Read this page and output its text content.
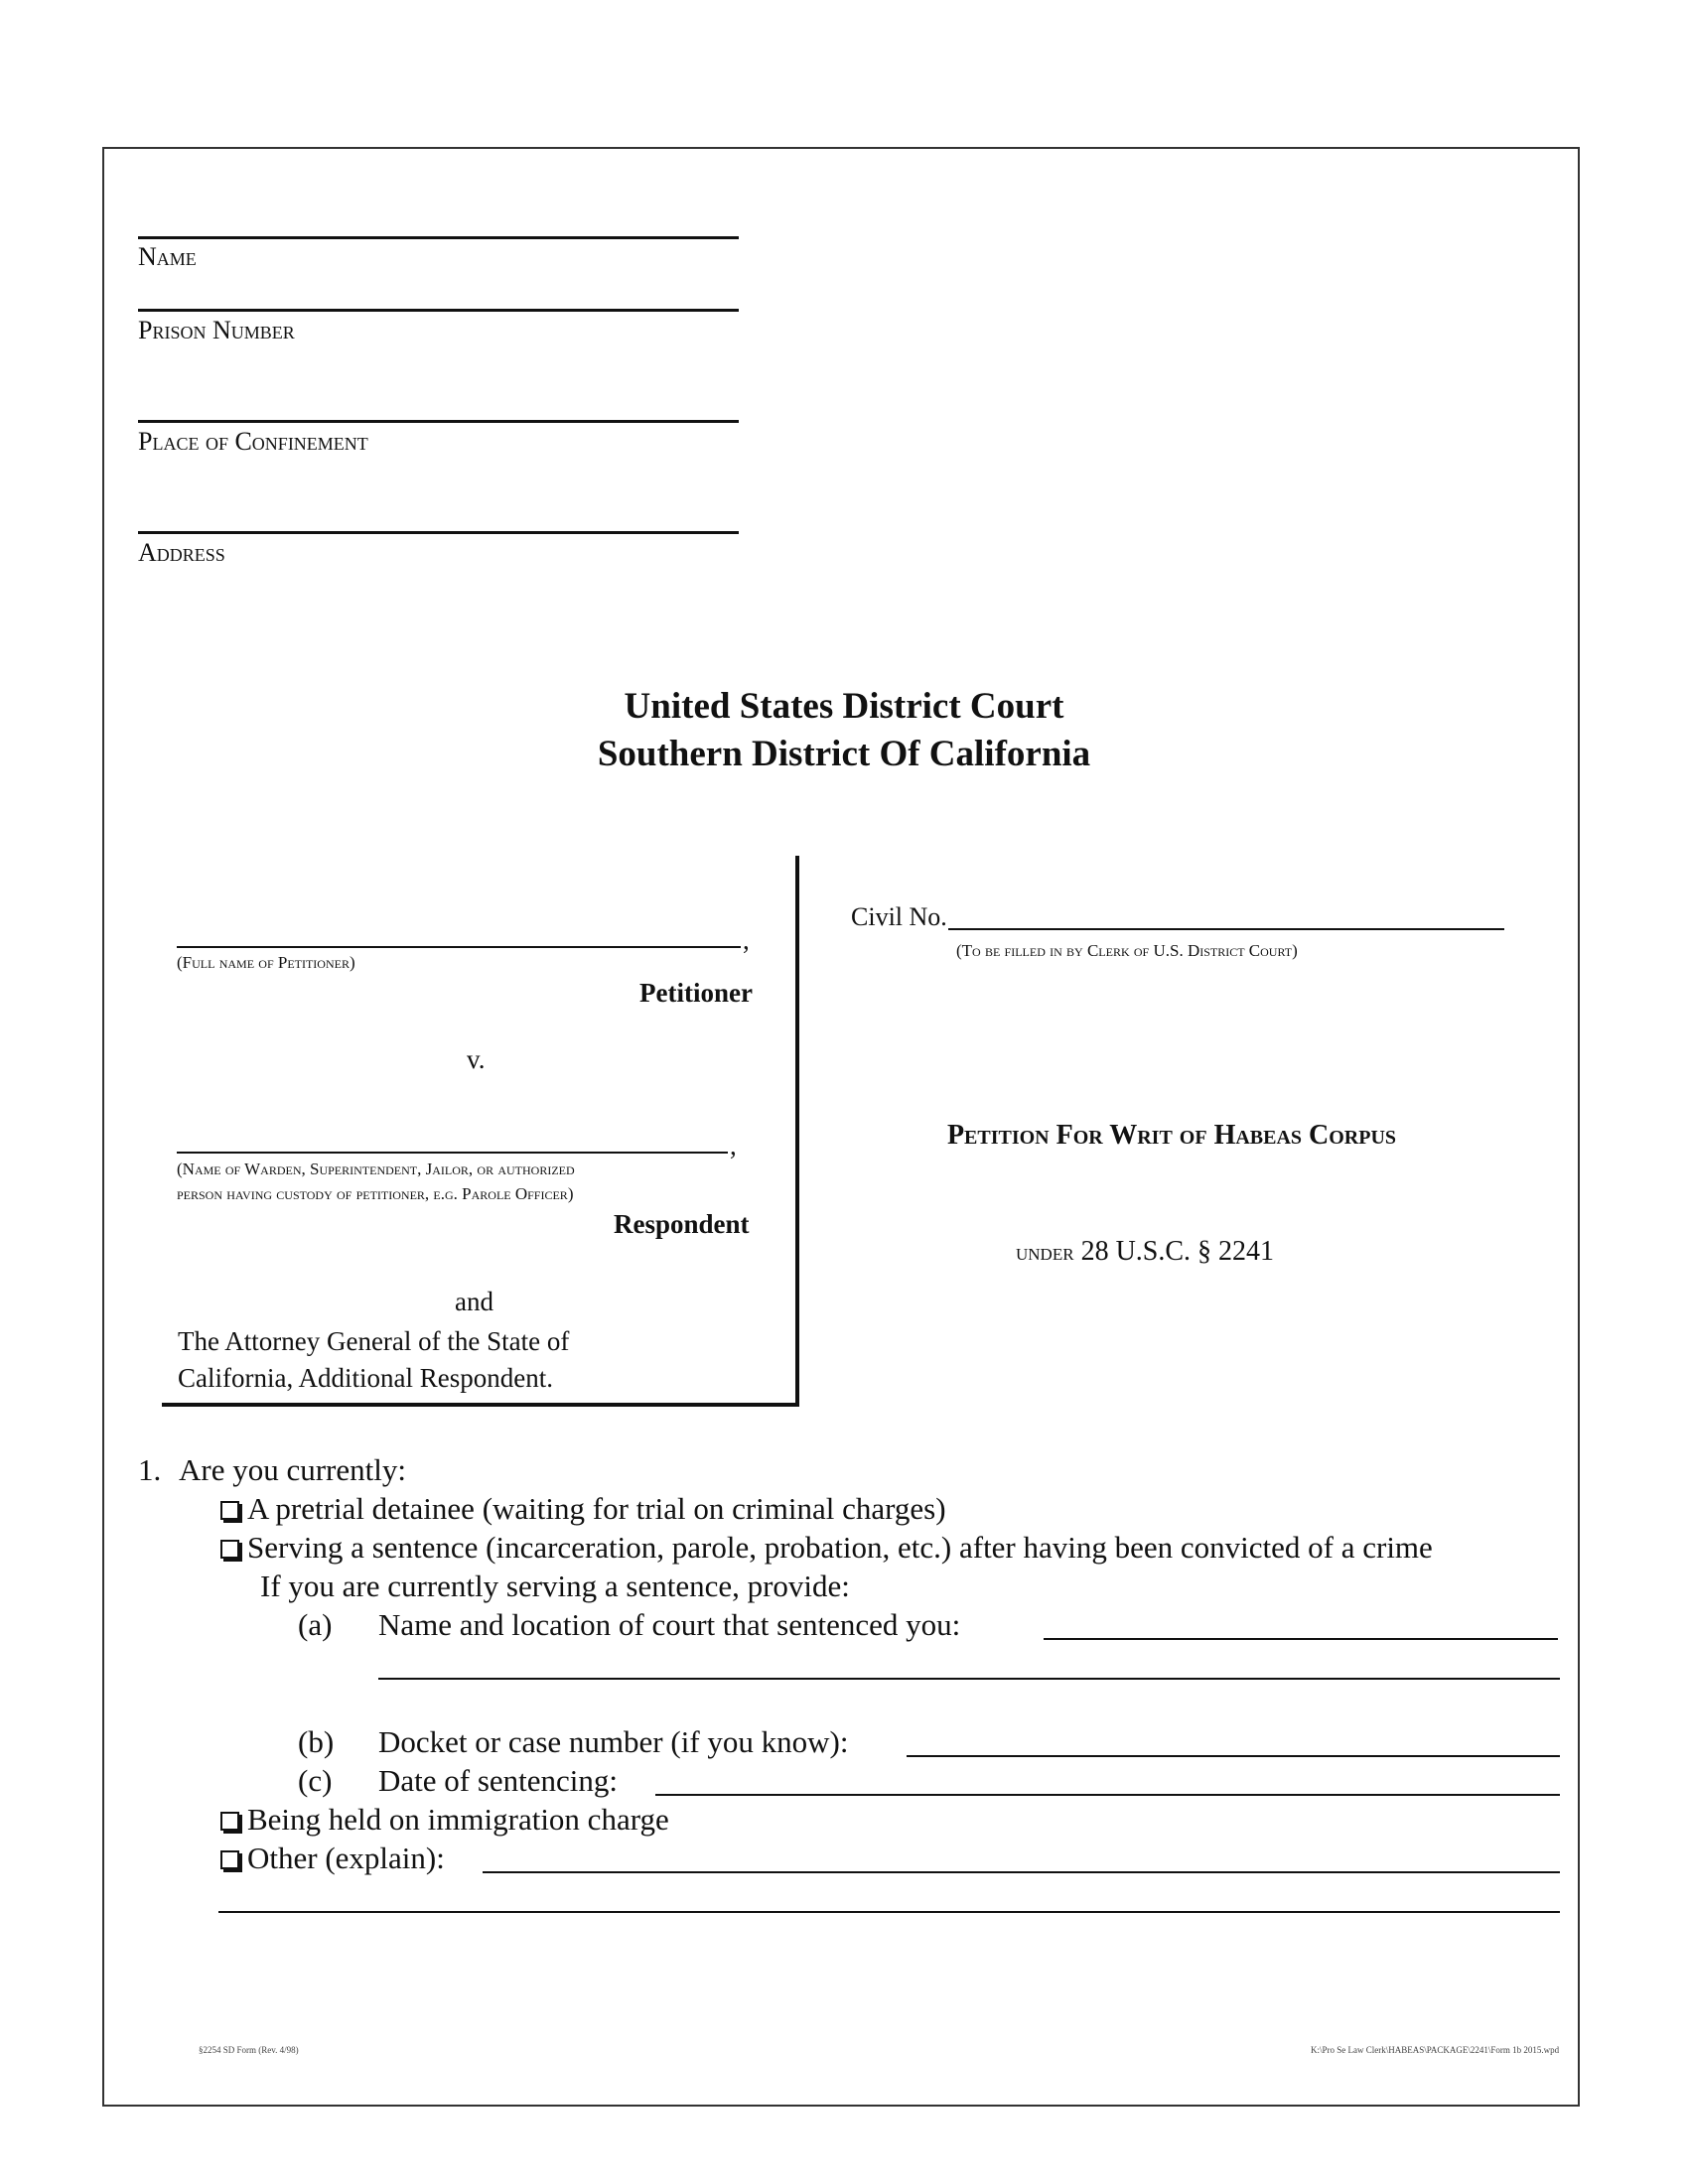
Name
Prison Number
Place of Confinement
Address
United States District Court
Southern District Of California
,
(Full name of Petitioner)
Petitioner
v.
,
(Name of Warden, Superintendent, Jailor, or authorized
person having custody of petitioner, e.g. Parole Officer)
Respondent
and
The Attorney General of the State of
California, Additional Respondent.
Civil No.
(To be filled in by Clerk of U.S. District Court)
Petition For Writ of Habeas Corpus
under 28 U.S.C. § 2241
1. Are you currently:
A pretrial detainee (waiting for trial on criminal charges)
Serving a sentence (incarceration, parole, probation, etc.) after having been convicted of a crime
If you are currently serving a sentence, provide:
(a) Name and location of court that sentenced you:
(b) Docket or case number (if you know):
(c) Date of sentencing:
Being held on immigration charge
Other (explain):
§2254 SD Form (Rev. 4/98)	K:\Pro Se Law Clerk\HABEAS\PACKAGE\2241\Form 1b 2015.wpd
